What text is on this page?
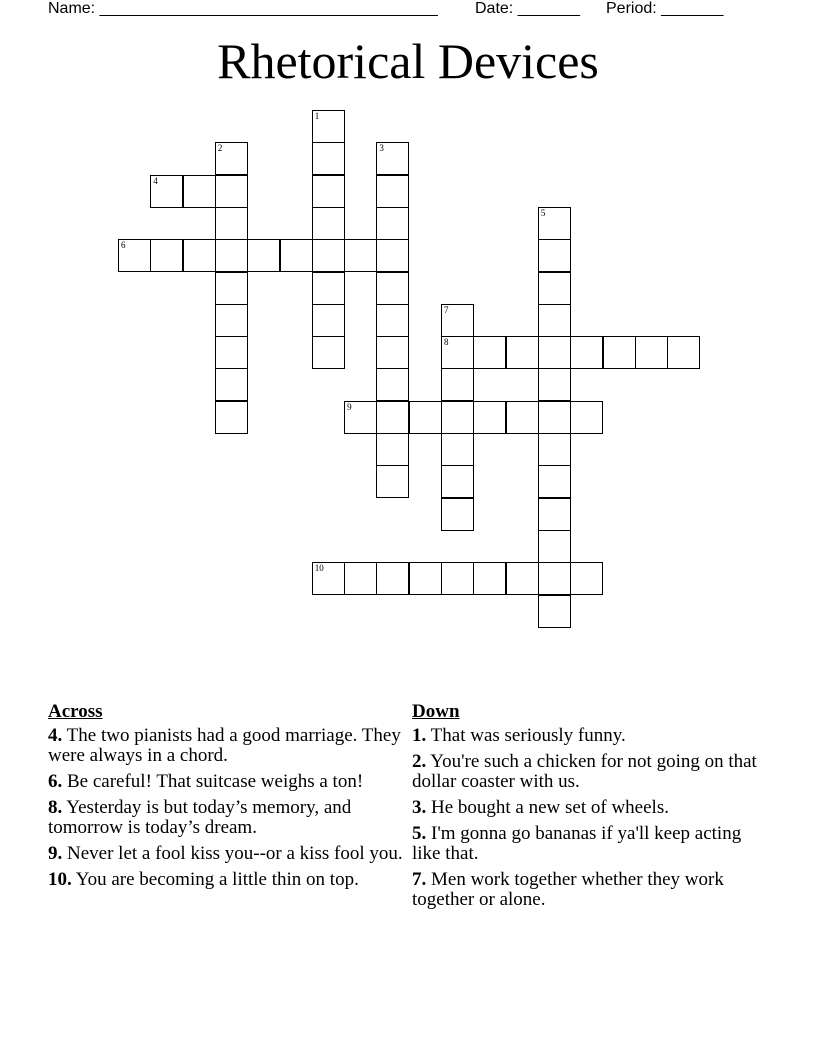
Name: ______________________________________ Date: _______ Period: _______
Rhetorical Devices
1
2	3
4
5
6
7
8
9
10
Across
4. The two pianists had a good marriage. They were always in a chord.
6. Be careful! That suitcase weighs a ton!
8. Yesterday is but today’s memory, and tomorrow is today’s dream.
9. Never let a fool kiss you--or a kiss fool you.
10. You are becoming a little thin on top.
Down
1. That was seriously funny.
2. You're such a chicken for not going on that dollar coaster with us.
3. He bought a new set of wheels.
5. I'm gonna go bananas if ya'll keep acting like that.
7. Men work together whether they work together or alone.
